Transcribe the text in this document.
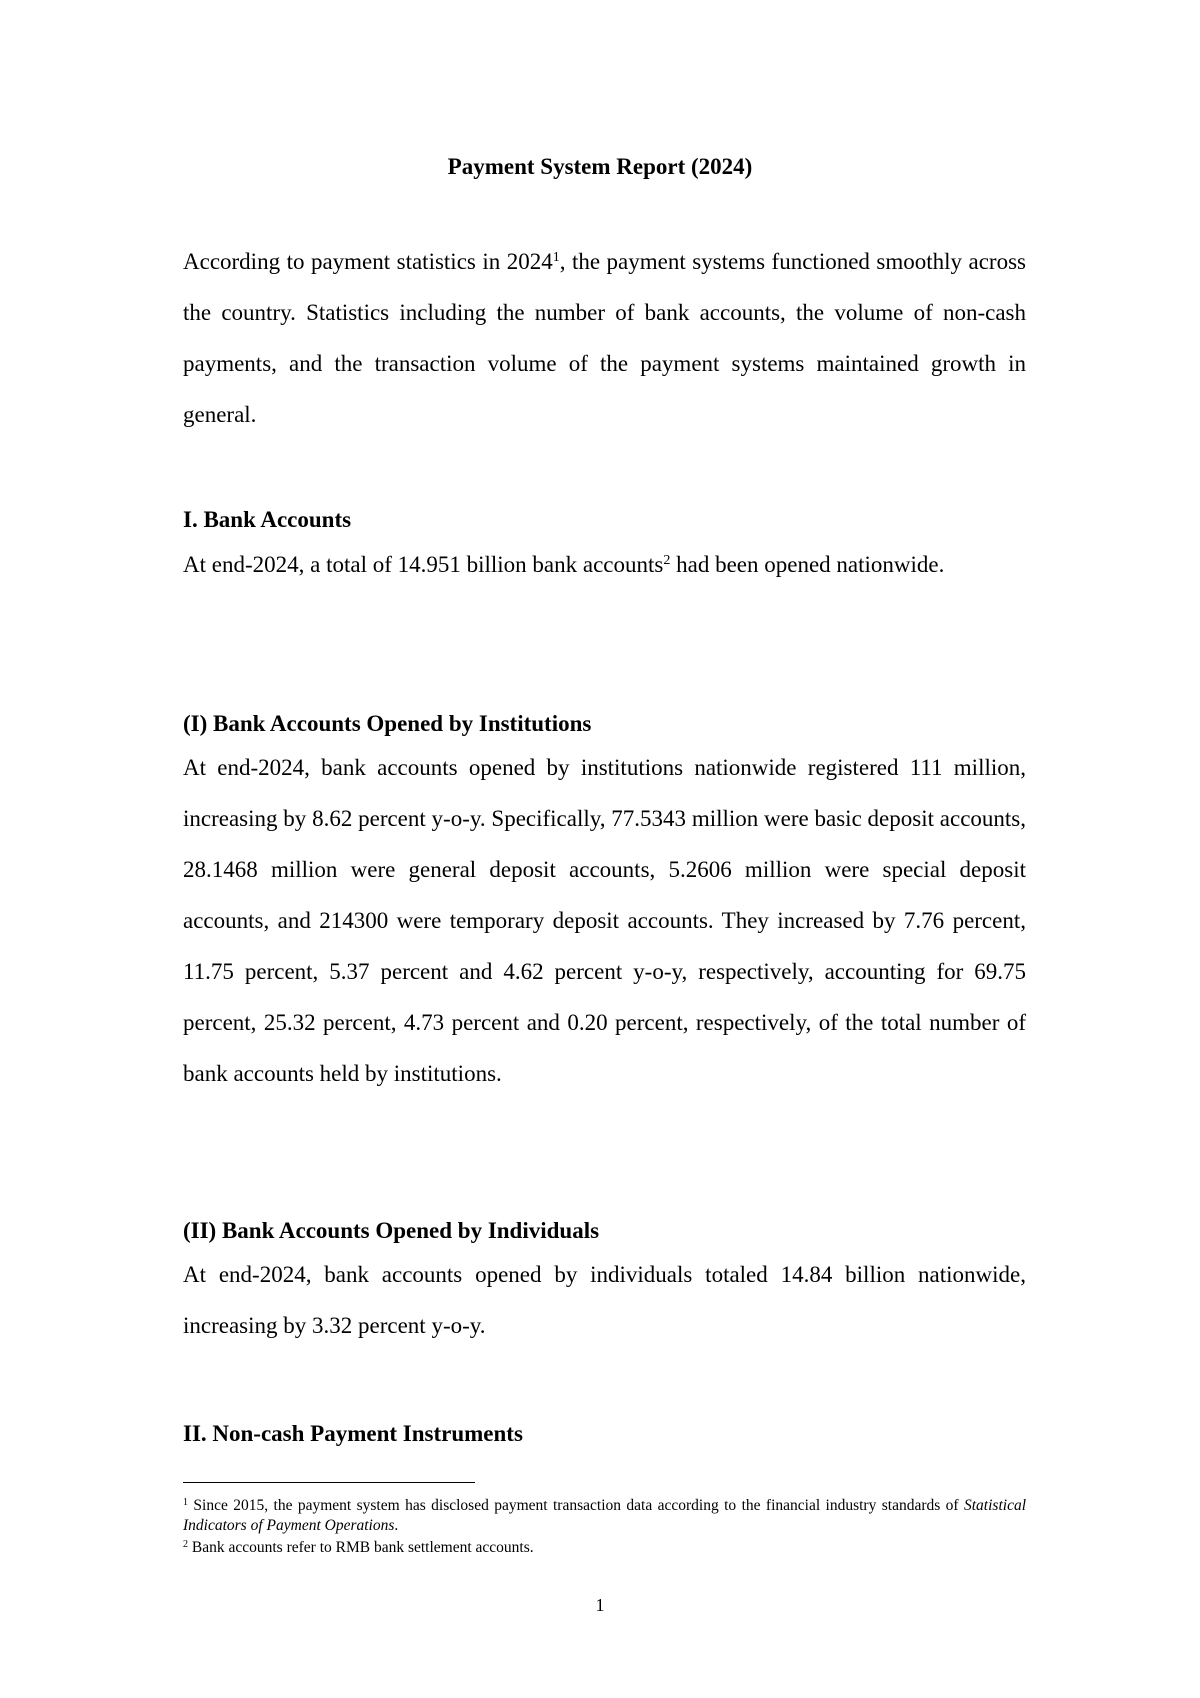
Payment System Report (2024)
According to payment statistics in 2024$^1$, the payment systems functioned smoothly across the country. Statistics including the number of bank accounts, the volume of non-cash payments, and the transaction volume of the payment systems maintained growth in general.
I. Bank Accounts
At end-2024, a total of 14.951 billion bank accounts$^2$ had been opened nationwide.
(I) Bank Accounts Opened by Institutions
At end-2024, bank accounts opened by institutions nationwide registered 111 million, increasing by 8.62 percent y-o-y. Specifically, 77.5343 million were basic deposit accounts, 28.1468 million were general deposit accounts, 5.2606 million were special deposit accounts, and 214300 were temporary deposit accounts. They increased by 7.76 percent, 11.75 percent, 5.37 percent and 4.62 percent y-o-y, respectively, accounting for 69.75 percent, 25.32 percent, 4.73 percent and 0.20 percent, respectively, of the total number of bank accounts held by institutions.
(II) Bank Accounts Opened by Individuals
At end-2024, bank accounts opened by individuals totaled 14.84 billion nationwide, increasing by 3.32 percent y-o-y.
II. Non-cash Payment Instruments
$^1$ Since 2015, the payment system has disclosed payment transaction data according to the financial industry standards of Statistical Indicators of Payment Operations.
$^2$ Bank accounts refer to RMB bank settlement accounts.
1
